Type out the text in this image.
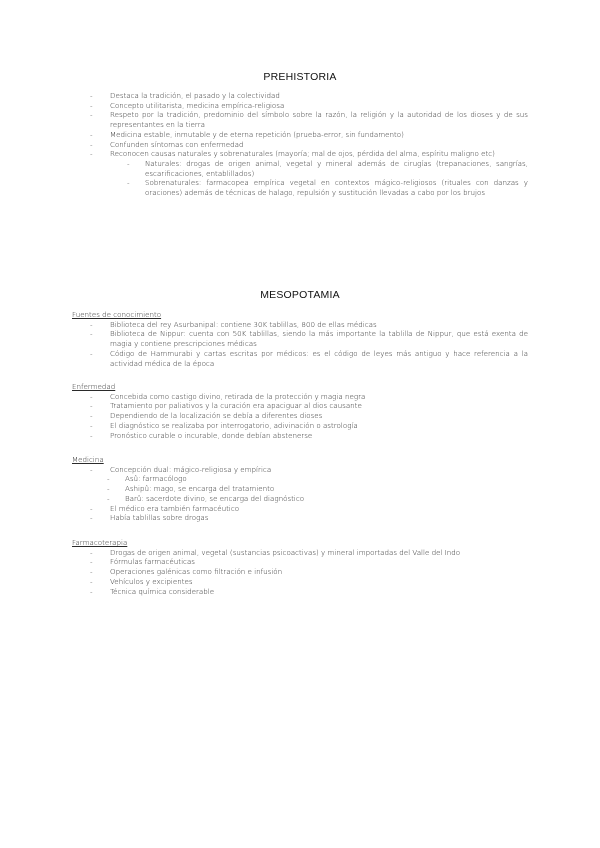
PREHISTORIA
- Destaca la tradición, el pasado y la colectividad
- Concepto utilitarista, medicina empírica-religiosa
- Respeto por la tradición, predominio del símbolo sobre la razón, la religión y la autoridad de los dioses y de sus representantes en la tierra
- Medicina estable, inmutable y de eterna repetición (prueba-error, sin fundamento)
- Confunden síntomas con enfermedad
- Reconocen causas naturales y sobrenaturales (mayoría; mal de ojos, pérdida del alma, espíritu maligno etc)
- Naturales: drogas de origen animal, vegetal y mineral además de cirugías (trepanaciones, sangrías, escarificaciones, entablillados)
- Sobrenaturales: farmacopea empírica vegetal en contextos mágico-religiosos (rituales con danzas y oraciones) además de técnicas de halago, repulsión y sustitución llevadas a cabo por los brujos
MESOPOTAMIA
Fuentes de conocimiento
- Biblioteca del rey Asurbanipal: contiene 30K tablillas, 800 de ellas médicas
- Biblioteca de Nippur: cuenta con 50K tablillas, siendo la más importante la tablilla de Nippur, que está exenta de magia y contiene prescripciones médicas
- Código de Hammurabi y cartas escritas por médicos: es el código de leyes más antiguo y hace referencia a la actividad médica de la época
Enfermedad
- Concebida como castigo divino, retirada de la protección y magia negra
- Tratamiento por paliativos y la curación era apaciguar al dios causante
- Dependiendo de la localización se debía a diferentes dioses
- El diagnóstico se realizaba por interrogatorio, adivinación o astrología
- Pronóstico curable o incurable, donde debían abstenerse
Medicina
- Concepción dual: mágico-religiosa y empírica
- Asû: farmacólogo
- Ashipû: mago, se encarga del tratamiento
- Barû: sacerdote divino, se encarga del diagnóstico
- El médico era también farmacéutico
- Había tablillas sobre drogas
Farmacoterapia
- Drogas de origen animal, vegetal (sustancias psicoactivas) y mineral importadas del Valle del Indo
- Fórmulas farmacéuticas
- Operaciones galénicas como filtración e infusión
- Vehículos y excipientes
- Técnica química considerable
